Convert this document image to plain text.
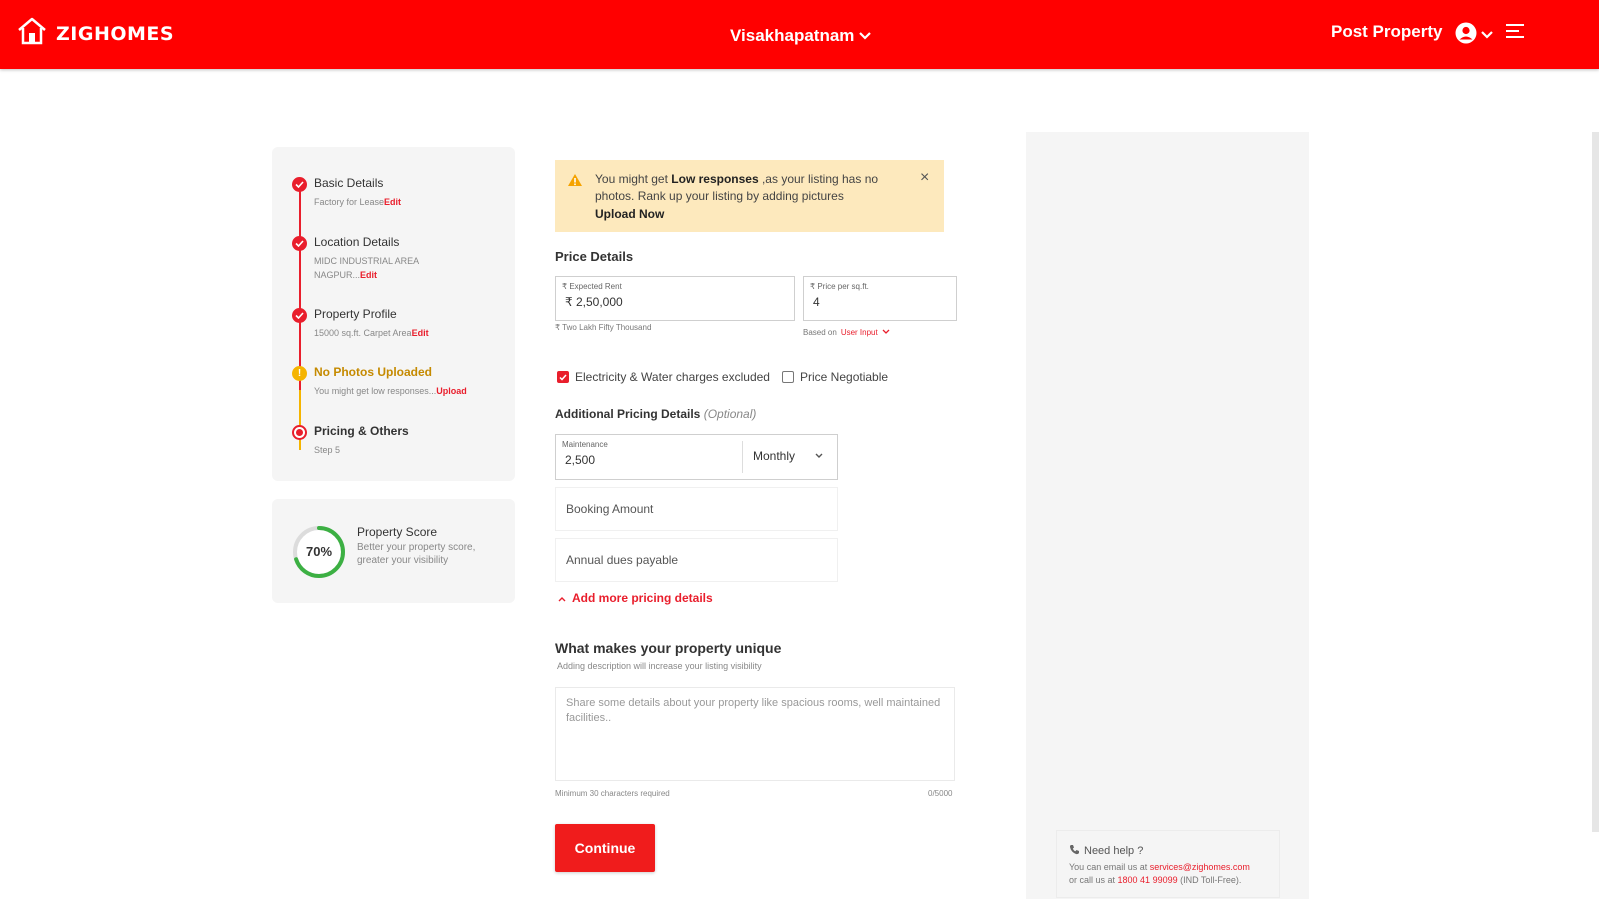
ZIGHOMES	Visakhapatnam	Post Property
Basic Details
Factory for LeaseEdit
Location Details
MIDC INDUSTRIAL AREA
NAGPUR...Edit
Property Profile
15000 sq.ft. Carpet AreaEdit
! No Photos Uploaded
You might get low responses...Upload
Pricing & Others
Step 5
70%
Property Score
Better your property score, greater your visibility
You might get Low responses ,as your listing has no photos. Rank up your listing by adding pictures
Upload Now
×
Price Details
₹ Expected Rent
₹ 2,50,000
₹ Two Lakh Fifty Thousand
₹ Price per sq.ft.
4
Based on User Input
Electricity & Water charges excluded	Price Negotiable
Additional Pricing Details (Optional)
Maintenance
2,500	Monthly
Booking Amount
Annual dues payable
Add more pricing details
What makes your property unique
Adding description will increase your listing visibility
Share some details about your property like spacious rooms, well maintained facilities..
Minimum 30 characters required	0/5000
Continue	Need help ?
You can email us at services@zighomes.com
or call us at 1800 41 99099 (IND Toll-Free).
